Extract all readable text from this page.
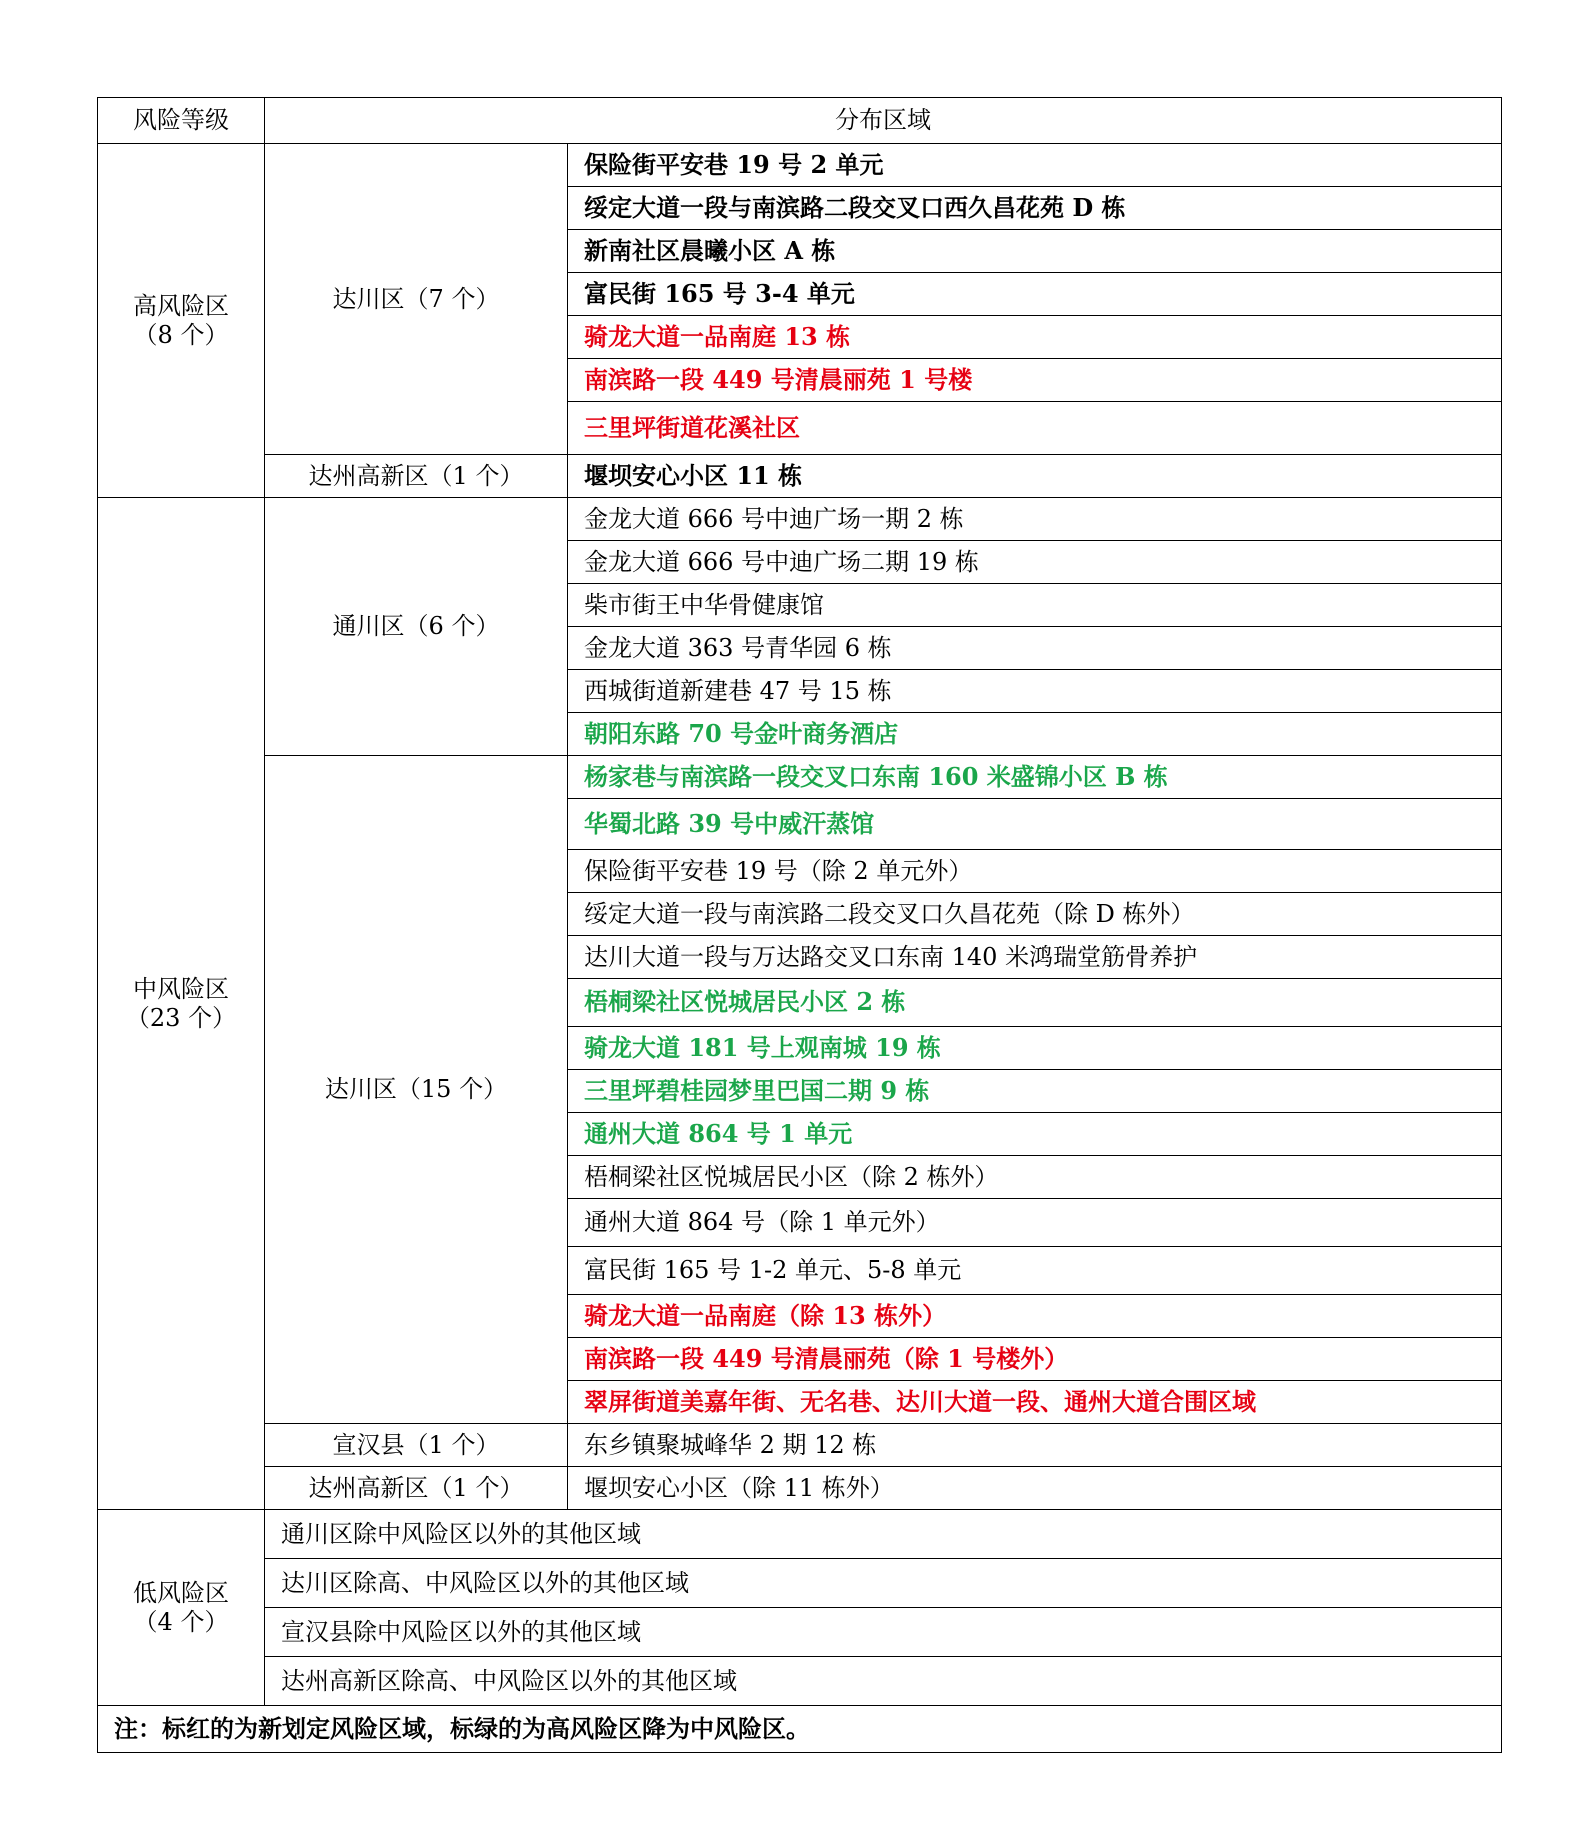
风险等级	分布区域	

高风险区
（8 个）	达川区（7 个）	保险街平安巷 19 号 2 单元
		绥定大道一段与南滨路二段交叉口西久昌花苑 D 栋
		新南社区晨曦小区 A 栋
		富民街 165 号 3-4 单元
		骑龙大道一品南庭 13 栋
		南滨路一段 449 号清晨丽苑 1 号楼
		三里坪街道花溪社区
	达州高新区（1 个）	堰坝安心小区 11 栋

中风险区
（23 个）	通川区（6 个）	金龙大道 666 号中迪广场一期 2 栋
		金龙大道 666 号中迪广场二期 19 栋
		柴市街王中华骨健康馆
		金龙大道 363 号青华园 6 栋
		西城街道新建巷 47 号 15 栋
		朝阳东路 70 号金叶商务酒店
	达川区（15 个）	杨家巷与南滨路一段交叉口东南 160 米盛锦小区 B 栋
		华蜀北路 39 号中威汗蒸馆
		保险街平安巷 19 号（除 2 单元外）
		绥定大道一段与南滨路二段交叉口久昌花苑（除 D 栋外）
		达川大道一段与万达路交叉口东南 140 米鸿瑞堂筋骨养护
		梧桐梁社区悦城居民小区 2 栋
		骑龙大道 181 号上观南城 19 栋
		三里坪碧桂园梦里巴国二期 9 栋
		通州大道 864 号 1 单元
		梧桐梁社区悦城居民小区（除 2 栋外）
		通州大道 864 号（除 1 单元外）
		富民街 165 号 1-2 单元、5-8 单元
		骑龙大道一品南庭（除 13 栋外）
		南滨路一段 449 号清晨丽苑（除 1 号楼外）
		翠屏街道美嘉年街、无名巷、达川大道一段、通州大道合围区域
	宣汉县（1 个）	东乡镇聚城峰华 2 期 12 栋
	达州高新区（1 个）	堰坝安心小区（除 11 栋外）

低风险区
（4 个）	通川区除中风险区以外的其他区域	
	达川区除高、中风险区以外的其他区域	
	宣汉县除中风险区以外的其他区域	
	达州高新区除高、中风险区以外的其他区域	
注：标红的为新划定风险区域，标绿的为高风险区降为中风险区。		
